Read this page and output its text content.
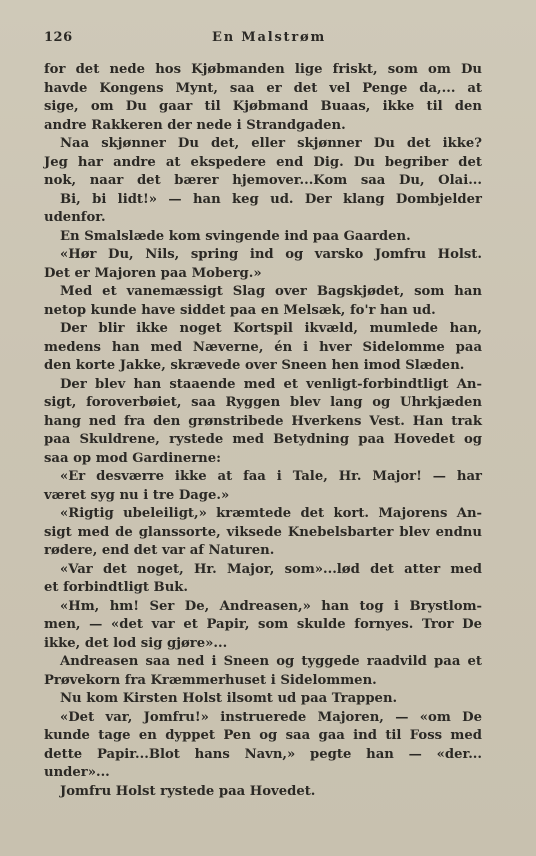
126	En Malstrøm
for det nede hos Kjøbmanden lige friskt, som om Du
havde Kongens Mynt, saa er det vel Penge da,... at
sige, om Du gaar til Kjøbmand Buaas, ikke til den
andre Rakkeren der nede i Strandgaden.
Naa skjønner Du det, eller skjønner Du det ikke?
Jeg har andre at ekspedere end Dig. Du begriber det
nok, naar det bærer hjemover...Kom saa Du, Olai...
Bi, bi lidt!» — han keg ud. Der klang Dombjelder
udenfor.
En Smalslæde kom svingende ind paa Gaarden.
«Hør Du, Nils, spring ind og varsko Jomfru Holst.
Det er Majoren paa Moberg.»
Med et vanemæssigt Slag over Bagskjødet, som han
netop kunde have siddet paa en Melsæk, fo'r han ud.
Der blir ikke noget Kortspil ikvæld, mumlede han,
medens han med Næverne, én i hver Sidelomme paa
den korte Jakke, skrævede over Sneen hen imod Slæden.
Der blev han staaende med et venligt-forbindtligt An-
sigt, foroverbøiet, saa Ryggen blev lang og Uhrkjæden
hang ned fra den grønstribede Hverkens Vest. Han trak
paa Skuldrene, rystede med Betydning paa Hovedet og
saa op mod Gardinerne:
«Er desværre ikke at faa i Tale, Hr. Major! — har
været syg nu i tre Dage.»
«Rigtig ubeleiligt,» kræmtede det kort. Majorens An-
sigt med de glanssorte, viksede Knebelsbarter blev endnu
rødere, end det var af Naturen.
«Var det noget, Hr. Major, som»...lød det atter med
et forbindtligt Buk.
«Hm, hm! Ser De, Andreasen,» han tog i Brystlom-
men, — «det var et Papir, som skulde fornyes. Tror De
ikke, det lod sig gjøre»...
Andreasen saa ned i Sneen og tyggede raadvild paa et
Prøvekorn fra Kræmmerhuset i Sidelommen.
Nu kom Kirsten Holst ilsomt ud paa Trappen.
«Det var, Jomfru!» instruerede Majoren, — «om De
kunde tage en dyppet Pen og saa gaa ind til Foss med
dette Papir...Blot hans Navn,» pegte han — «der...
under»...
Jomfru Holst rystede paa Hovedet.
